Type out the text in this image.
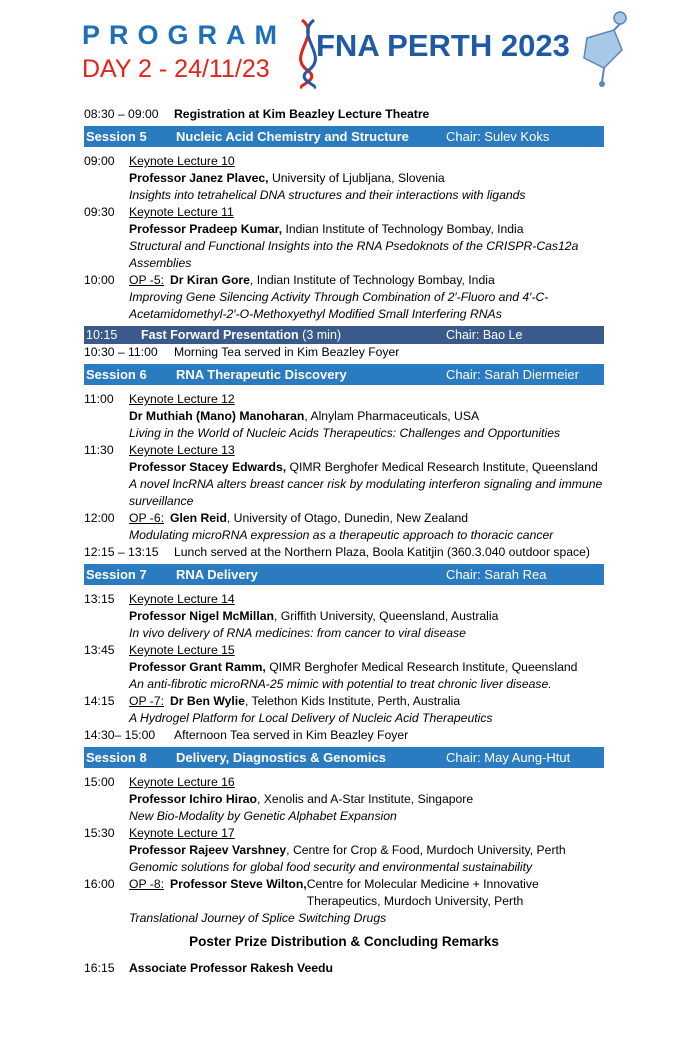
PROGRAM
DAY 2 - 24/11/23
FNA PERTH 2023
08:30 – 09:00	Registration at Kim Beazley Lecture Theatre
Session 5	Nucleic Acid Chemistry and Structure	Chair: Sulev Koks
09:00	Keynote Lecture 10
Professor Janez Plavec, University of Ljubljana, Slovenia
Insights into tetrahelical DNA structures and their interactions with ligands
09:30	Keynote Lecture 11
Professor Pradeep Kumar, Indian Institute of Technology Bombay, India
Structural and Functional Insights into the RNA Psedoknots of the CRISPR-Cas12a Assemblies
10:00	OP -5: Dr Kiran Gore , Indian Institute of Technology Bombay, India
Improving Gene Silencing Activity Through Combination of 2′-Fluoro and 4′-C-Acetamidomethyl-2′-O-Methoxyethyl Modified Small Interfering RNAs
10:15	Fast Forward Presentation (3 min)	Chair: Bao Le
10:30 – 11:00	Morning Tea served in Kim Beazley Foyer
Session 6	RNA Therapeutic Discovery	Chair: Sarah Diermeier
11:00	Keynote Lecture 12
Dr Muthiah (Mano) Manoharan, Alnylam Pharmaceuticals, USA
Living in the World of Nucleic Acids Therapeutics: Challenges and Opportunities
11:30	Keynote Lecture 13
Professor Stacey Edwards, QIMR Berghofer Medical Research Institute, Queensland
A novel lncRNA alters breast cancer risk by modulating interferon signaling and immune surveillance
12:00	OP -6: Glen Reid , University of Otago, Dunedin, New Zealand
Modulating microRNA expression as a therapeutic approach to thoracic cancer
12:15 – 13:15	Lunch served at the Northern Plaza, Boola Katitjin (360.3.040 outdoor space)
Session 7	RNA Delivery	Chair: Sarah Rea
13:15	Keynote Lecture 14
Professor Nigel McMillan, Griffith University, Queensland, Australia
In vivo delivery of RNA medicines: from cancer to viral disease
13:45	Keynote Lecture 15
Professor Grant Ramm, QIMR Berghofer Medical Research Institute, Queensland
An anti-fibrotic microRNA-25 mimic with potential to treat chronic liver disease.
14:15	OP -7: Dr Ben Wylie , Telethon Kids Institute, Perth, Australia
A Hydrogel Platform for Local Delivery of Nucleic Acid Therapeutics
14:30– 15:00	Afternoon Tea served in Kim Beazley Foyer
Session 8	Delivery, Diagnostics & Genomics	Chair: May Aung-Htut
15:00	Keynote Lecture 16
Professor Ichiro Hirao, Xenolis and A-Star Institute, Singapore
New Bio-Modality by Genetic Alphabet Expansion
15:30	Keynote Lecture 17
Professor Rajeev Varshney, Centre for Crop & Food, Murdoch University, Perth
Genomic solutions for global food security and environmental sustainability
16:00	OP -8: Professor Steve Wilton, Centre for Molecular Medicine + Innovative Therapeutics, Murdoch University, Perth
Translational Journey of Splice Switching Drugs
Poster Prize Distribution & Concluding Remarks
16:15	Associate Professor Rakesh Veedu
